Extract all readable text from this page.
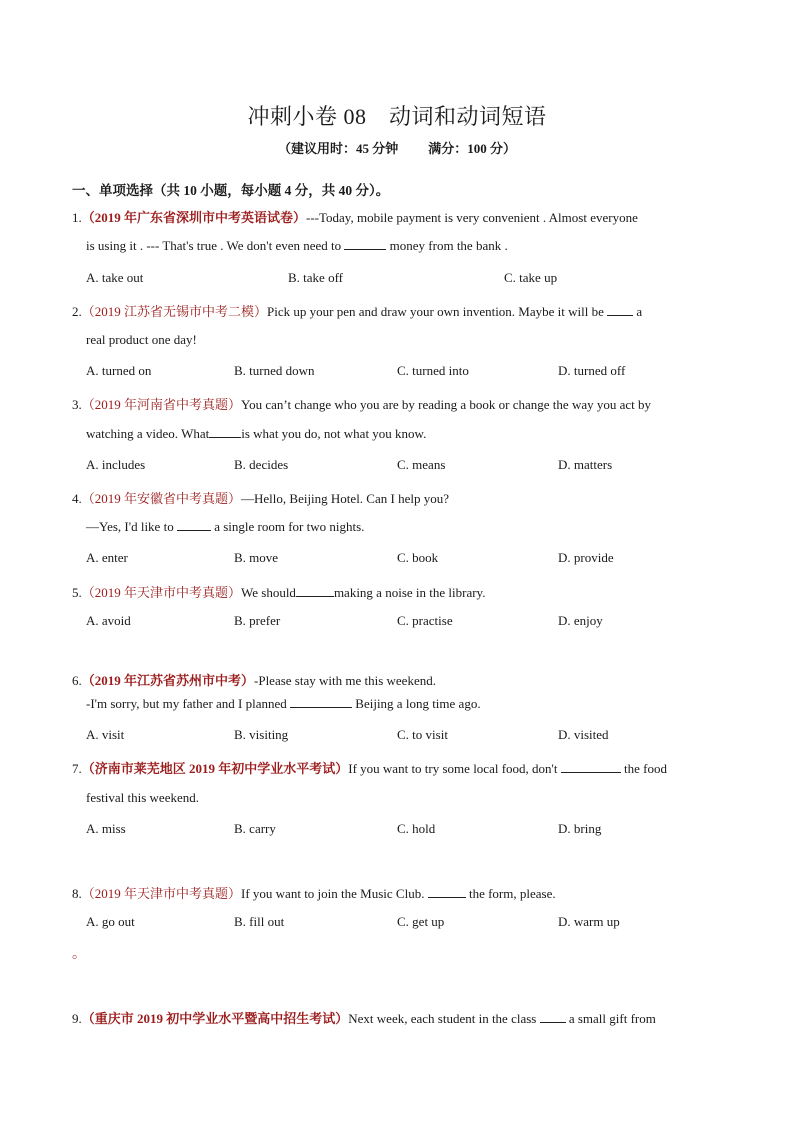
冲刺小卷 08　动词和动词短语
（建议用时：45 分钟 满分：100 分）
一、单项选择（共 10 小题，每小题 4 分，共 40 分）。
1.（2019 年广东省深圳市中考英语试卷）---Today, mobile payment is very convenient . Almost everyone
is using it . --- That's true . We don't even need to	money from the bank .
A. take out	B. take off	C. take up
2.（2019 江苏省无锡市中考二模）Pick up your pen and draw your own invention. Maybe it will be	a
real product one day!
A. turned on	B. turned down	C. turned into	D. turned off
3.（2019 年河南省中考真题）You can’t change who you are by reading a book or change the way you act by
watching a video. What is what you do, not what you know.
A. includes	B. decides	C. means	D. matters
4.（2019 年安徽省中考真题）—Hello, Beijing Hotel. Can I help you?
—Yes, I'd like to	a single room for two nights.
A. enter	B. move	C. book	D. provide
5.（2019 年天津市中考真题）We should	making a noise in the library.
A. avoid	B. prefer	C. practise	D. enjoy
6.（2019 年江苏省苏州市中考）-Please stay with me this weekend.
-I'm sorry, but my father and I planned	Beijing a long time ago.
A. visit	B. visiting	C. to visit	D. visited
7.（济南市莱芜地区 2019 年初中学业水平考试）If you want to try some local food, don't	the food
festival this weekend.
A. miss	B. carry	C. hold	D. bring
8.（2019 年天津市中考真题）If you want to join the Music Club.	the form, please.
A. go out	B. fill out	C. get up	D. warm up
。
9.（重庆市 2019 初中学业水平暨高中招生考试）Next week, each student in the class	a small gift from
